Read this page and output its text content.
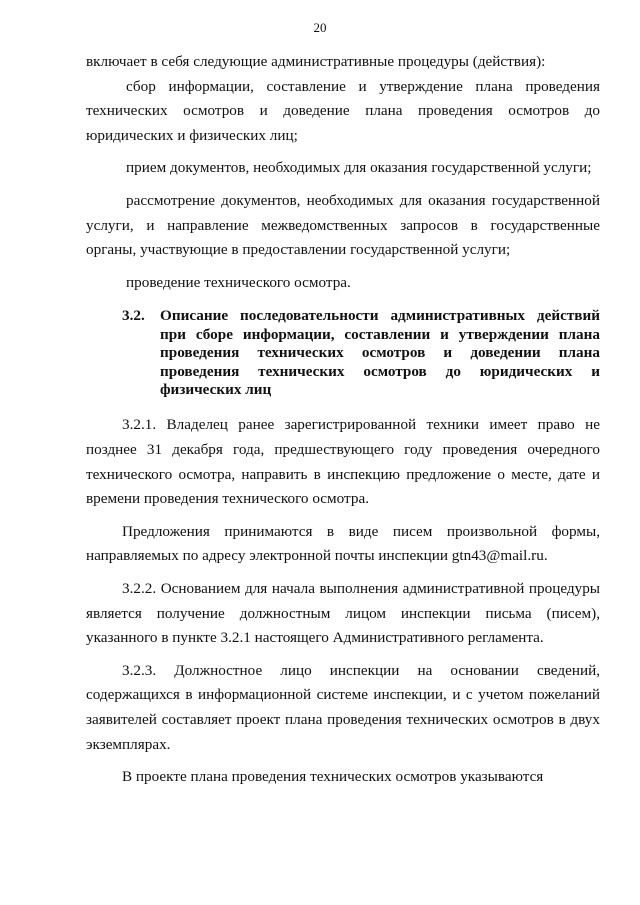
20

включает в себя следующие административные процедуры (действия):

сбор информации, составление и утверждение плана проведения технических осмотров и доведение плана проведения осмотров до юридических и физических лиц;

прием документов, необходимых для оказания государственной услуги;

рассмотрение документов, необходимых для оказания государственной услуги, и направление межведомственных запросов в государственные органы, участвующие в предоставлении государственной услуги;

проведение технического осмотра.

3.2.	Описание последовательности административных действий при сборе информации, составлении и утверждении плана проведения технических осмотров и доведении плана проведения технических осмотров до юридических и физических лиц

3.2.1. Владелец ранее зарегистрированной техники имеет право не позднее 31 декабря года, предшествующего году проведения очередного технического осмотра, направить в инспекцию предложение о месте, дате и времени проведения технического осмотра.

Предложения принимаются в виде писем произвольной формы, направляемых по адресу электронной почты инспекции gtn43@mail.ru.

3.2.2. Основанием для начала выполнения административной процедуры является получение должностным лицом инспекции письма (писем), указанного в пункте 3.2.1 настоящего Административного регламента.

3.2.3. Должностное лицо инспекции на основании сведений, содержащихся в информационной системе инспекции, и с учетом пожеланий заявителей составляет проект плана проведения технических осмотров в двух экземплярах.

В проекте плана проведения технических осмотров указываются
